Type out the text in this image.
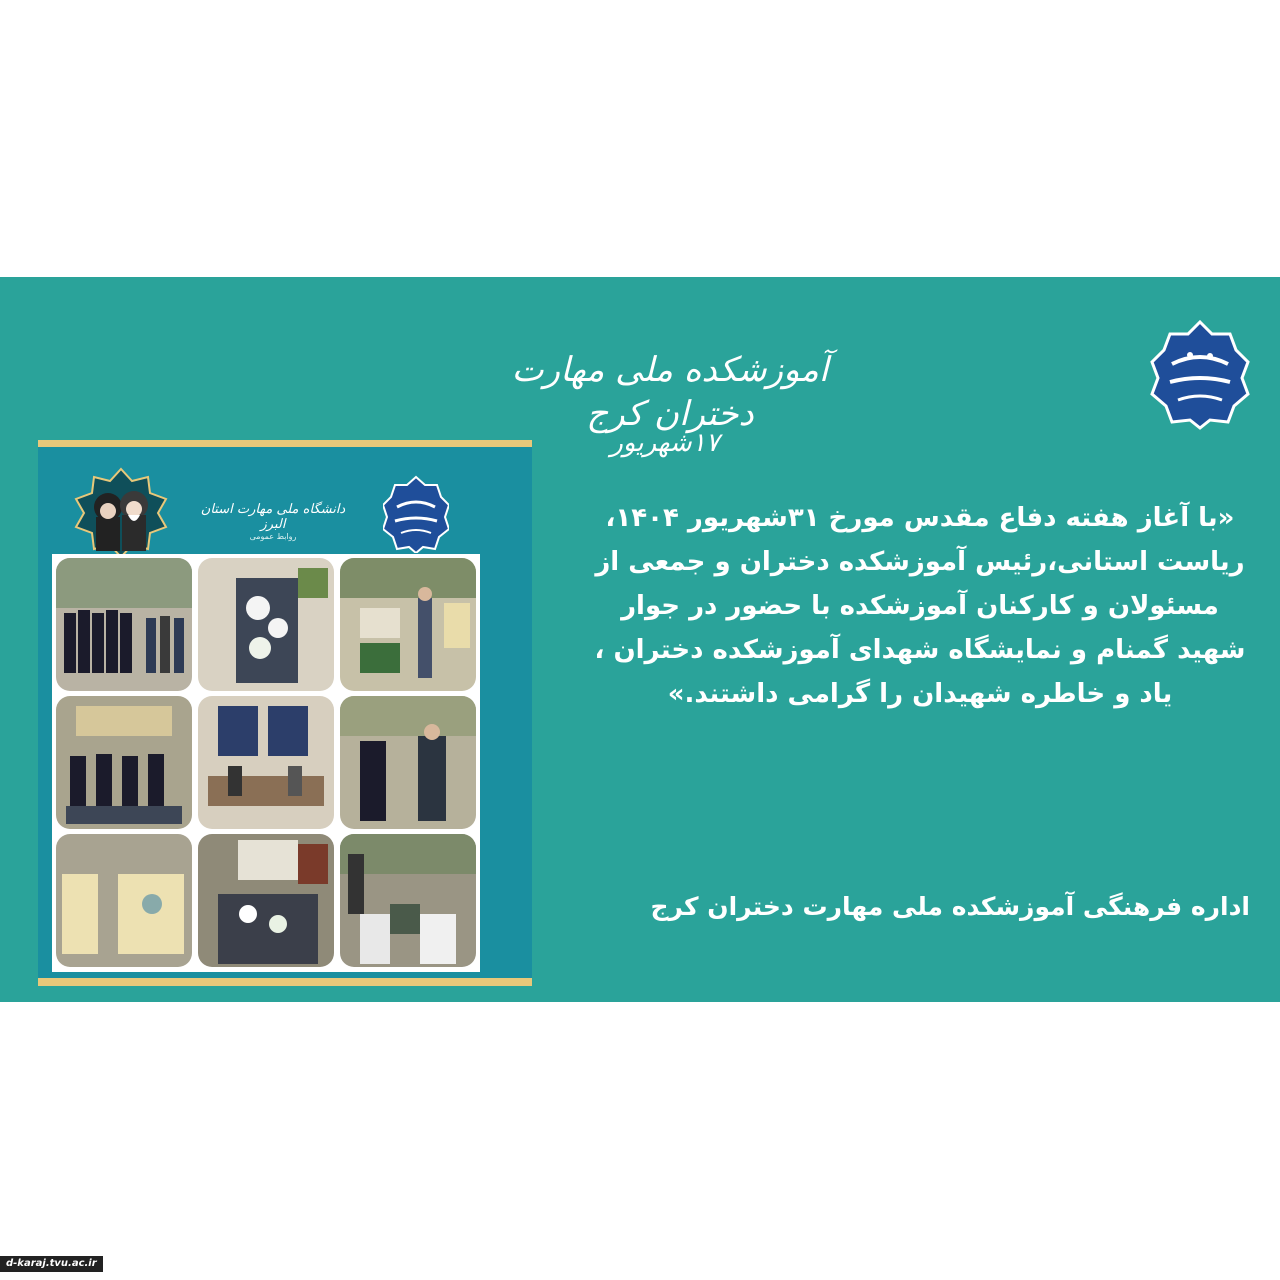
آموزشکده ملی مهارت دختران کرج
۱۷شهریور
دانشگاه ملی مهارت استان البرز
روابط عمومی
«با آغاز هفته دفاع مقدس مورخ ۳۱شهریور ۱۴۰۴، ریاست استانی،رئیس آموزشکده دختران و جمعی از مسئولان و کارکنان آموزشکده با حضور در جوار شهید گمنام و نمایشگاه شهدای آموزشکده دختران ، یاد و خاطره شهیدان را گرامی داشتند.»
اداره فرهنگی آموزشکده ملی مهارت دختران کرج
d-karaj.tvu.ac.ir
